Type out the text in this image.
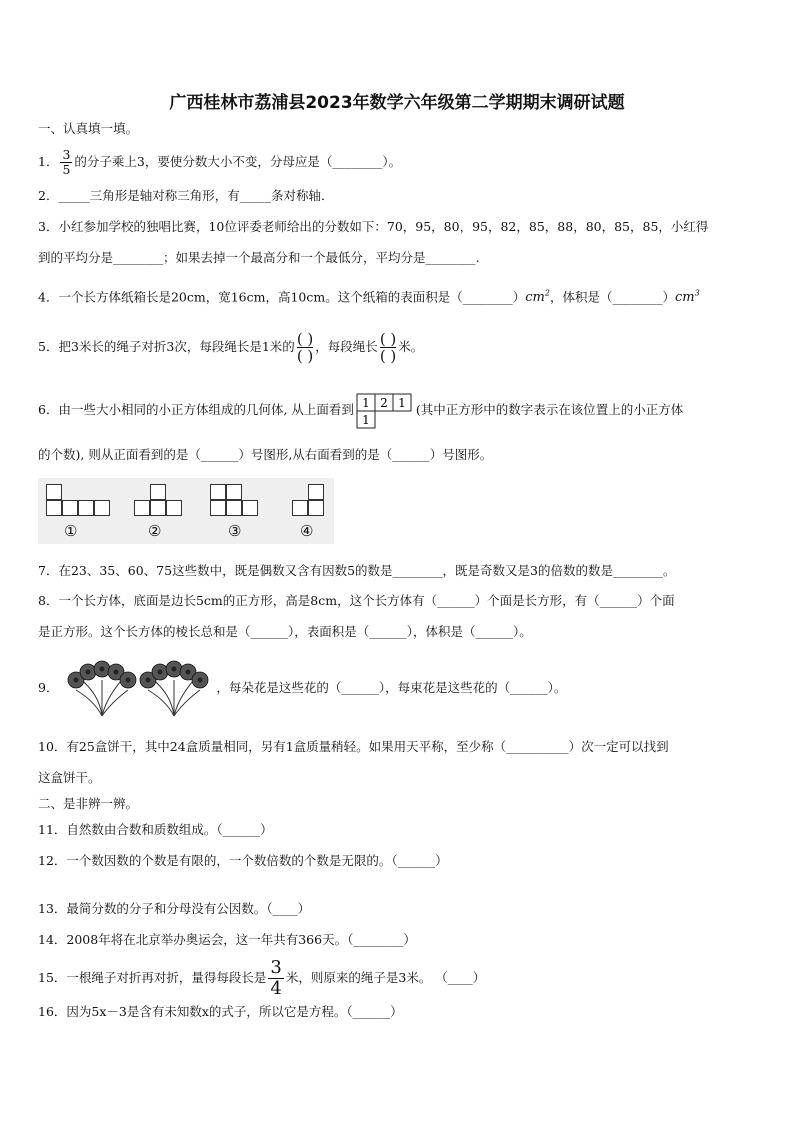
广西桂林市荔浦县2023年数学六年级第二学期期末调研试题
一、认真填一填。
1． $\frac{3}{5}$ 的分子乘上3，要使分数大小不变，分母应是（________）。
2．_____三角形是轴对称三角形，有_____条对称轴．
3．小红参加学校的独唱比赛，10位评委老师给出的分数如下：70，95，80，95，82，85，88，80，85，85，小红得
到的平均分是________；如果去掉一个最高分和一个最低分，平均分是________.
4．一个长方体纸箱长是20cm，宽16cm，高10cm。这个纸箱的表面积是$(\_\_\_\_\_\_\_\_)cm^2$，体积是$(\_\_\_\_\_\_\_\_)cm^3$
5．把3米长的绳子对折3次，每段绳长是1米的 ( )
( )
，每段绳长 ( )
( )
米。
6．由一些大小相同的小正方体组成的几何体, 从上面看到 1 2 1
1
(其中正方形中的数字表示在该位置上的小正方体
的个数), 则从正面看到的是（______）号图形,从右面看到的是（______）号图形。
①	②	③	④
7．在23、35、60、75这些数中，既是偶数又含有因数5的数是________，既是奇数又是3的倍数的数是________。
8．一个长方体，底面是边长5cm的正方形，高是8cm，这个长方体有（______）个面是长方形，有（______）个面
是正方形。这个长方体的棱长总和是（______），表面积是（______），体积是（______）。
9．	，每朵花是这些花的（______），每束花是这些花的（______）。
10．有25盒饼干，其中24盒质量相同，另有1盒质量稍轻。如果用天平称，至少称（__________）次一定可以找到
这盒饼干。
二、是非辨一辨。
11．自然数由合数和质数组成。（______）
12．一个数因数的个数是有限的，一个数倍数的个数是无限的。（______）
13．最简分数的分子和分母没有公因数。（____）
14．2008年将在北京举办奥运会，这一年共有366天。（________）
15．一根绳子对折再对折，量得每段长是 $\frac{3}{4}$ 米，则原来的绳子是3米。 （____）
16．因为5x－3是含有未知数x的式子，所以它是方程。（______）
